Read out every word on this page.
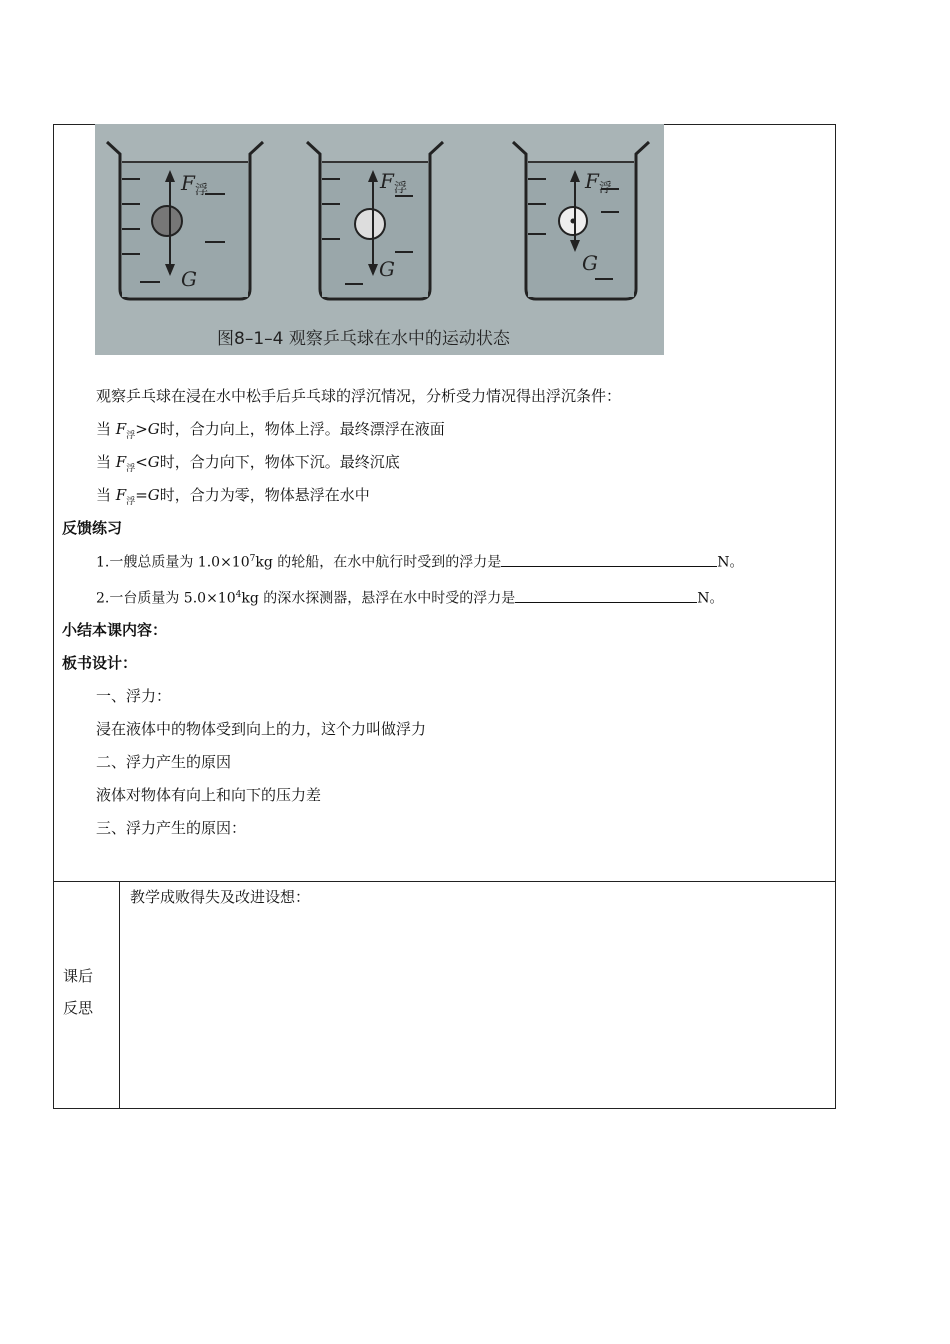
F 浮
G
F 浮
G
F 浮
G
图8–1–4 观察乒乓球在水中的运动状态
观察乒乓球在浸在水中松手后乒乓球的浮沉情况，分析受力情况得出浮沉条件：
当 $F_浮>G$时，合力向上，物体上浮。最终漂浮在液面
当 $F_浮<G$时，合力向下，物体下沉。最终沉底
当 $F_浮=G$时，合力为零，物体悬浮在水中
反馈练习
1.一艘总质量为 $1.0\times 10^7kg$ 的轮船，在水中航行时受到的浮力是	N。
2.一台质量为 $5.0\times 10^4kg$ 的深水探测器，悬浮在水中时受的浮力是	N。
小结本课内容：
板书设计：
一、浮力：
浸在液体中的物体受到向上的力，这个力叫做浮力
二、浮力产生的原因
液体对物体有向上和向下的压力差
三、浮力产生的原因：
课后
反思
教学成败得失及改进设想：
